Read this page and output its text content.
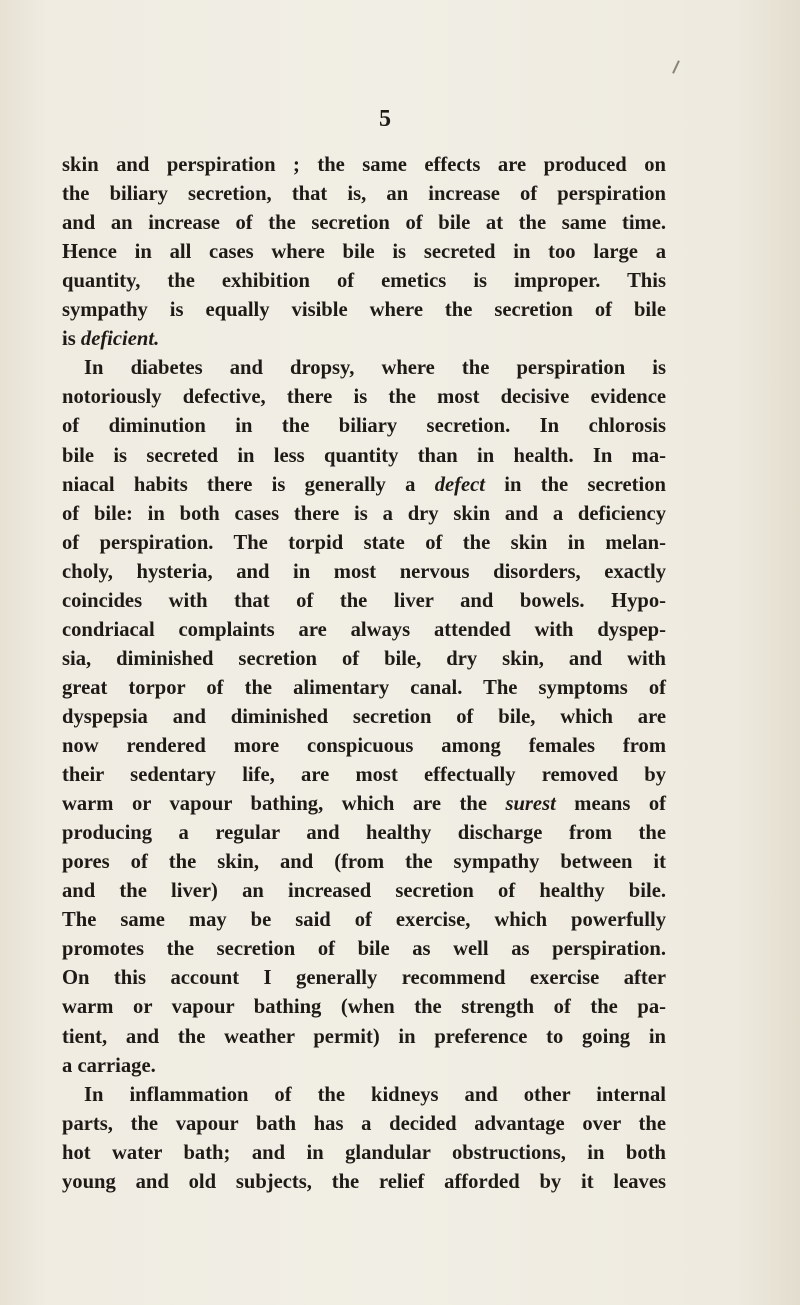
5
skin and perspiration ; the same effects are produced on
the biliary secretion, that is, an increase of perspiration
and an increase of the secretion of bile at the same time.
Hence in all cases where bile is secreted in too large a
quantity, the exhibition of emetics is improper. This
sympathy is equally visible where the secretion of bile
is deficient.
In diabetes and dropsy, where the perspiration is
notoriously defective, there is the most decisive evidence
of diminution in the biliary secretion. In chlorosis
bile is secreted in less quantity than in health. In ma-
niacal habits there is generally a defect in the secretion
of bile: in both cases there is a dry skin and a deficiency
of perspiration. The torpid state of the skin in melan-
choly, hysteria, and in most nervous disorders, exactly
coincides with that of the liver and bowels. Hypo-
condriacal complaints are always attended with dyspep-
sia, diminished secretion of bile, dry skin, and with
great torpor of the alimentary canal. The symptoms of
dyspepsia and diminished secretion of bile, which are
now rendered more conspicuous among females from
their sedentary life, are most effectually removed by
warm or vapour bathing, which are the surest means of
producing a regular and healthy discharge from the
pores of the skin, and (from the sympathy between it
and the liver) an increased secretion of healthy bile.
The same may be said of exercise, which powerfully
promotes the secretion of bile as well as perspiration.
On this account I generally recommend exercise after
warm or vapour bathing (when the strength of the pa-
tient, and the weather permit) in preference to going in
a carriage.
In inflammation of the kidneys and other internal
parts, the vapour bath has a decided advantage over the
hot water bath; and in glandular obstructions, in both
young and old subjects, the relief afforded by it leaves
